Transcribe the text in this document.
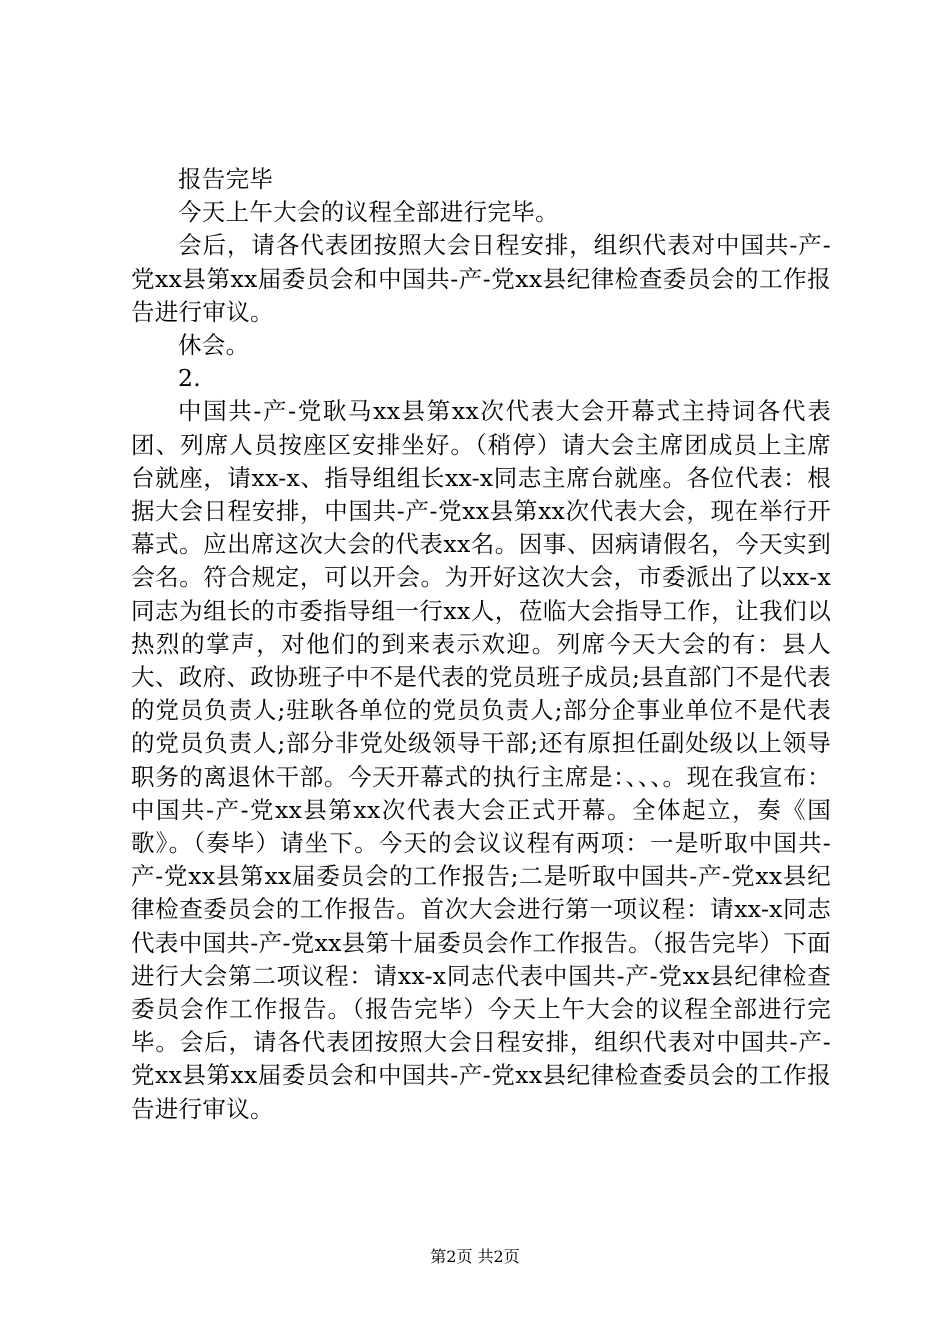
报告完毕

今天上午大会的议程全部进行完毕。

会后，请各代表团按照大会日程安排，组织代表对中国共-产-党xx县第xx届委员会和中国共-产-党xx县纪律检查委员会的工作报告进行审议。

休会。

2.

中国共-产-党耿马xx县第xx次代表大会开幕式主持词各代表团、列席人员按座区安排坐好。（稍停）请大会主席团成员上主席台就座，请xx-x、指导组组长xx-x同志主席台就座。各位代表：根据大会日程安排，中国共-产-党xx县第xx次代表大会，现在举行开幕式。应出席这次大会的代表xx名。因事、因病请假名，今天实到会名。符合规定，可以开会。为开好这次大会，市委派出了以xx-x同志为组长的市委指导组一行xx人，莅临大会指导工作，让我们以热烈的掌声，对他们的到来表示欢迎。列席今天大会的有：县人大、政府、政协班子中不是代表的党员班子成员;县直部门不是代表的党员负责人;驻耿各单位的党员负责人;部分企事业单位不是代表的党员负责人;部分非党处级领导干部;还有原担任副处级以上领导职务的离退休干部。今天开幕式的执行主席是：、、、。现在我宣布：中国共-产-党xx县第xx次代表大会正式开幕。全体起立，奏《国歌》。（奏毕）请坐下。今天的会议议程有两项：一是听取中国共-产-党xx县第xx届委员会的工作报告;二是听取中国共-产-党xx县纪律检查委员会的工作报告。首次大会进行第一项议程：请xx-x同志代表中国共-产-党xx县第十届委员会作工作报告。（报告完毕）下面进行大会第二项议程：请xx-x同志代表中国共-产-党xx县纪律检查委员会作工作报告。（报告完毕）今天上午大会的议程全部进行完毕。会后，请各代表团按照大会日程安排，组织代表对中国共-产-党xx县第xx届委员会和中国共-产-党xx县纪律检查委员会的工作报告进行审议。

第2页 共2页
